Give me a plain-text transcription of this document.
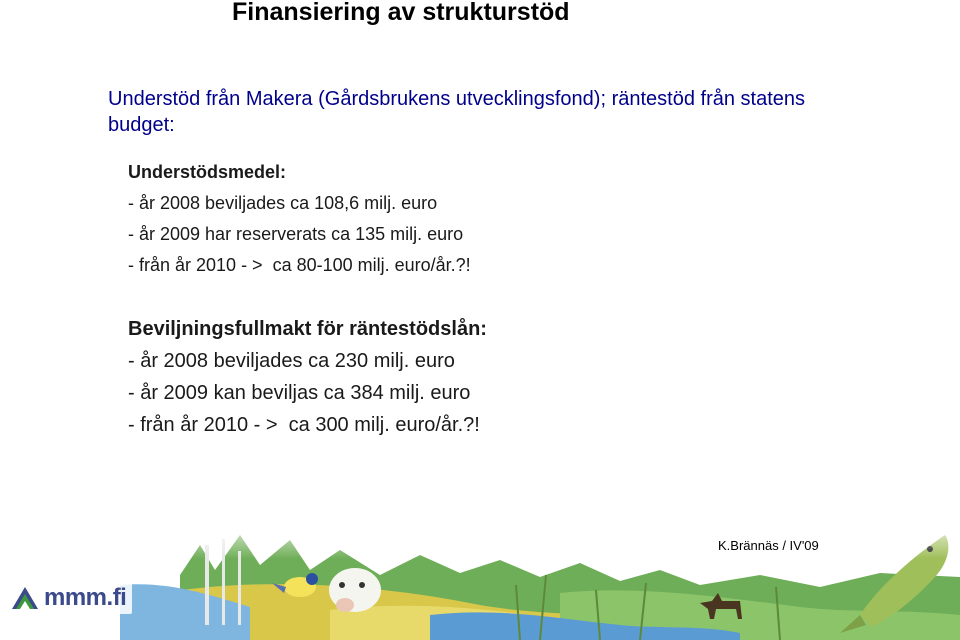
Finansiering av strukturstöd
Understöd från Makera (Gårdsbrukens utvecklingsfond); räntestöd från statens budget:
Understödsmedel:
- år 2008 beviljades ca 108,6 milj. euro
- år 2009 har reserverats ca 135 milj. euro
- från år 2010 - >  ca 80-100 milj. euro/år.?!
Beviljningsfullmakt för räntestödslån:
- år 2008 beviljades ca 230 milj. euro
- år 2009 kan beviljas ca 384 milj. euro
- från år 2010 - >  ca 300 milj. euro/år.?!
K.Brännäs / IV'09
mmm.fi
